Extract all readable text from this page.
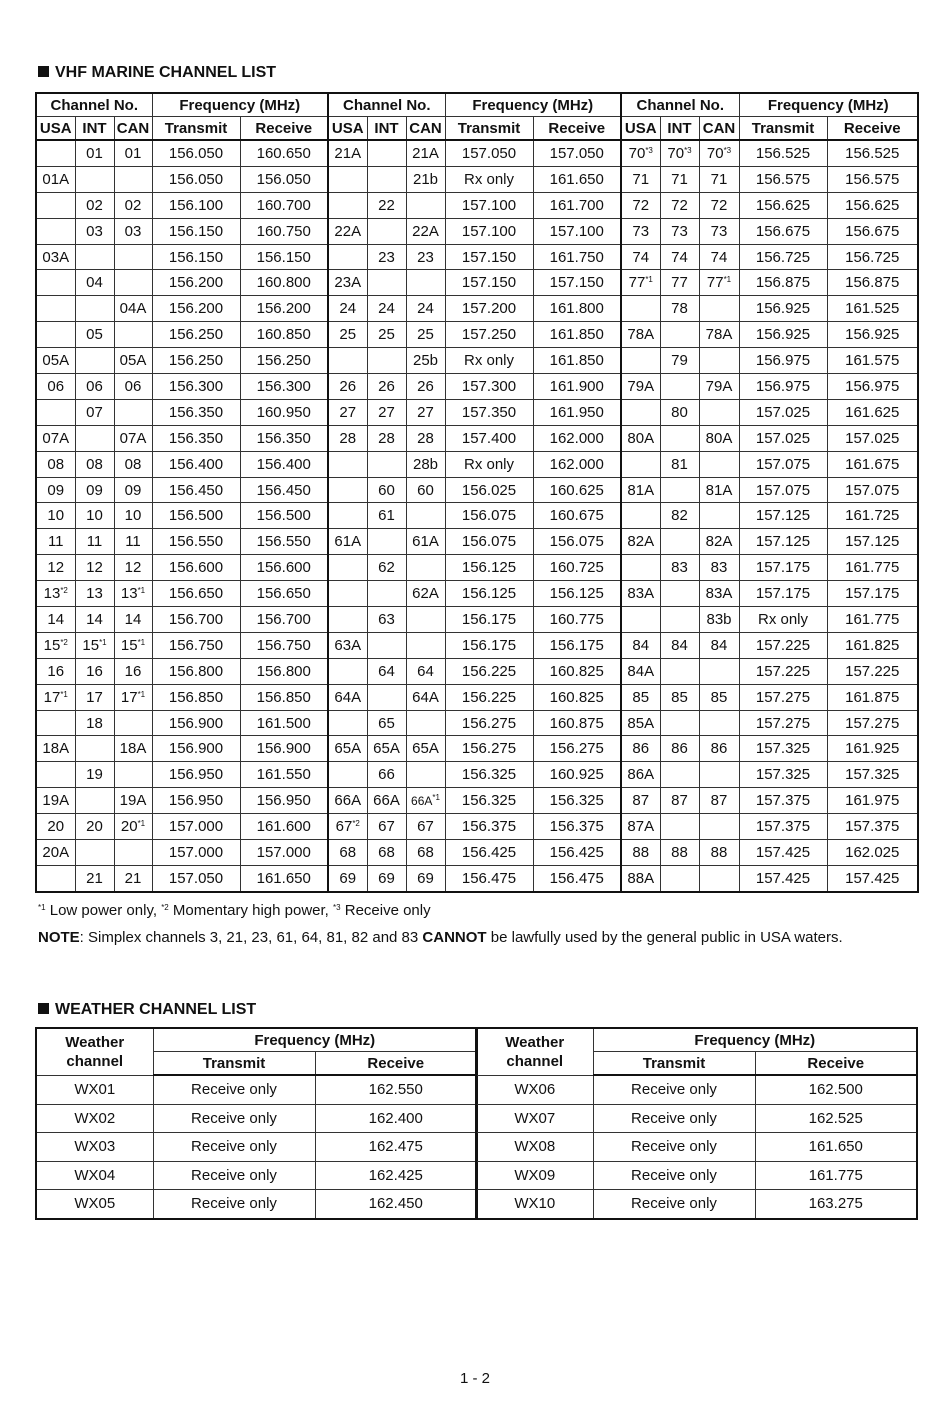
VHF MARINE CHANNEL LIST
Channel No.			Frequency (MHz)		Channel No.			Frequency (MHz)		Channel No.			Frequency (MHz)	
USA	INT	CAN	Transmit	Receive	USA	INT	CAN	Transmit	Receive	USA	INT	CAN	Transmit	Receive
	01	01	156.050	160.650	21A		21A	157.050	157.050	70$^{*3}$	70$^{*3}$	70$^{*3}$	156.525	156.525
01A			156.050	156.050			21b	Rx only	161.650	71	71	71	156.575	156.575
	02	02	156.100	160.700		22		157.100	161.700	72	72	72	156.625	156.625
	03	03	156.150	160.750	22A		22A	157.100	157.100	73	73	73	156.675	156.675
03A			156.150	156.150		23	23	157.150	161.750	74	74	74	156.725	156.725
	04		156.200	160.800	23A			157.150	157.150	77$^{*1}$	77	77$^{*1}$	156.875	156.875
		04A	156.200	156.200	24	24	24	157.200	161.800		78		156.925	161.525
	05		156.250	160.850	25	25	25	157.250	161.850	78A		78A	156.925	156.925
05A		05A	156.250	156.250			25b	Rx only	161.850		79		156.975	161.575
06	06	06	156.300	156.300	26	26	26	157.300	161.900	79A		79A	156.975	156.975
	07		156.350	160.950	27	27	27	157.350	161.950		80		157.025	161.625
07A		07A	156.350	156.350	28	28	28	157.400	162.000	80A		80A	157.025	157.025
08	08	08	156.400	156.400			28b	Rx only	162.000		81		157.075	161.675
09	09	09	156.450	156.450		60	60	156.025	160.625	81A		81A	157.075	157.075
10	10	10	156.500	156.500		61		156.075	160.675		82		157.125	161.725
11	11	11	156.550	156.550	61A		61A	156.075	156.075	82A		82A	157.125	157.125
12	12	12	156.600	156.600		62		156.125	160.725		83	83	157.175	161.775
13$^{*2}$	13	13$^{*1}$	156.650	156.650			62A	156.125	156.125	83A		83A	157.175	157.175
14	14	14	156.700	156.700		63		156.175	160.775			83b	Rx only	161.775
15$^{*2}$	15$^{*1}$	15$^{*1}$	156.750	156.750	63A			156.175	156.175	84	84	84	157.225	161.825
16	16	16	156.800	156.800		64	64	156.225	160.825	84A			157.225	157.225
17$^{*1}$	17	17$^{*1}$	156.850	156.850	64A		64A	156.225	160.825	85	85	85	157.275	161.875
	18		156.900	161.500		65		156.275	160.875	85A			157.275	157.275
18A		18A	156.900	156.900	65A	65A	65A	156.275	156.275	86	86	86	157.325	161.925
	19		156.950	161.550		66		156.325	160.925	86A			157.325	157.325
19A		19A	156.950	156.950	66A	66A	$66A^{*1}$	156.325	156.325	87	87	87	157.375	161.975
20	20	20$^{*1}$	157.000	161.600	67$^{*2}$	67	67	156.375	156.375	87A			157.375	157.375
20A			157.000	157.000	68	68	68	156.425	156.425	88	88	88	157.425	162.025
	21	21	157.050	161.650	69	69	69	156.475	156.475	88A			157.425	157.425
$^{*1}$ Low power only, $^{*2}$ Momentary high power, $^{*3}$ Receive only
NOTE: Simplex channels 3, 21, 23, 61, 64, 81, 82 and 83 CANNOT be lawfully used by the general public in USA waters.
WEATHER CHANNEL LIST
Weather
channel	Frequency (MHz)	
	Transmit	Receive
WX01	Receive only	162.550
WX02	Receive only	162.400
WX03	Receive only	162.475
WX04	Receive only	162.425
WX05	Receive only	162.450
Weather
channel	Frequency (MHz)	
	Transmit	Receive
WX06	Receive only	162.500
WX07	Receive only	162.525
WX08	Receive only	161.650
WX09	Receive only	161.775
WX10	Receive only	163.275
1 - 2
